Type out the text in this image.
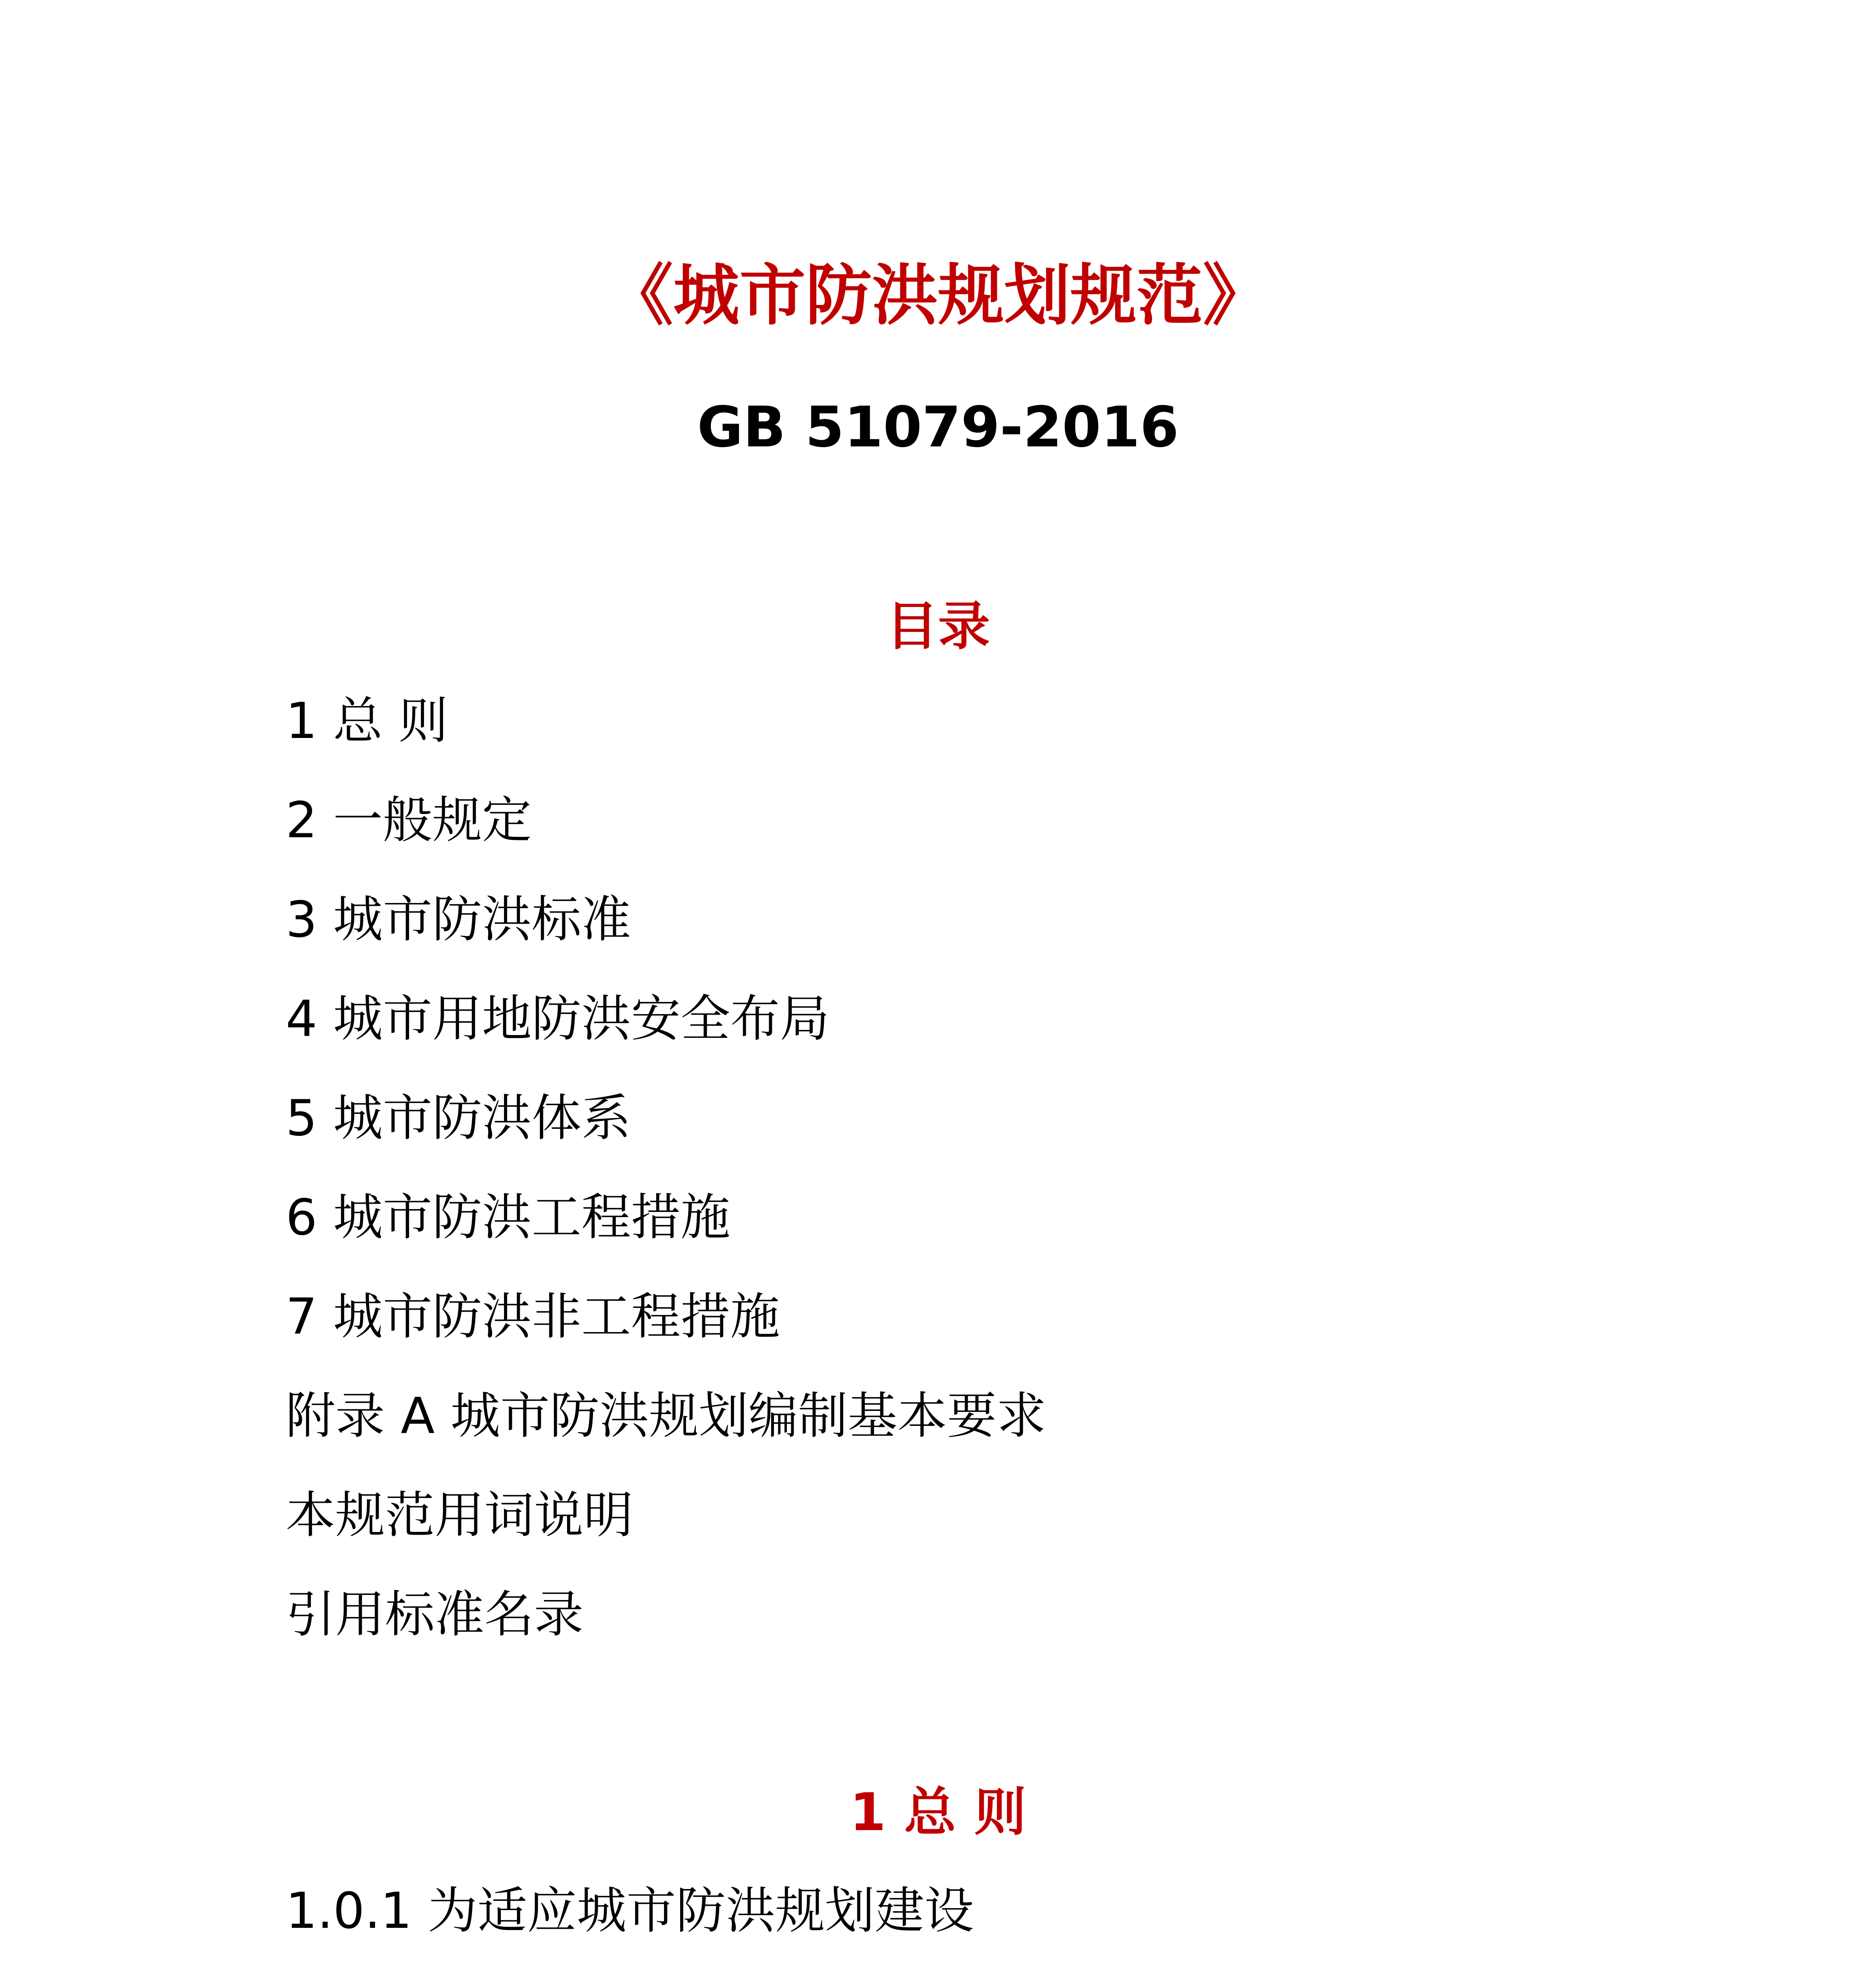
《城市防洪规划规范》
GB 51079-2016
目录
1 总 则
2 一般规定
3 城市防洪标准
4 城市用地防洪安全布局
5 城市防洪体系
6 城市防洪工程措施
7 城市防洪非工程措施
附录 A 城市防洪规划编制基本要求
本规范用词说明
引用标准名录
1 总 则
1.0.1 为适应城市防洪规划建设
